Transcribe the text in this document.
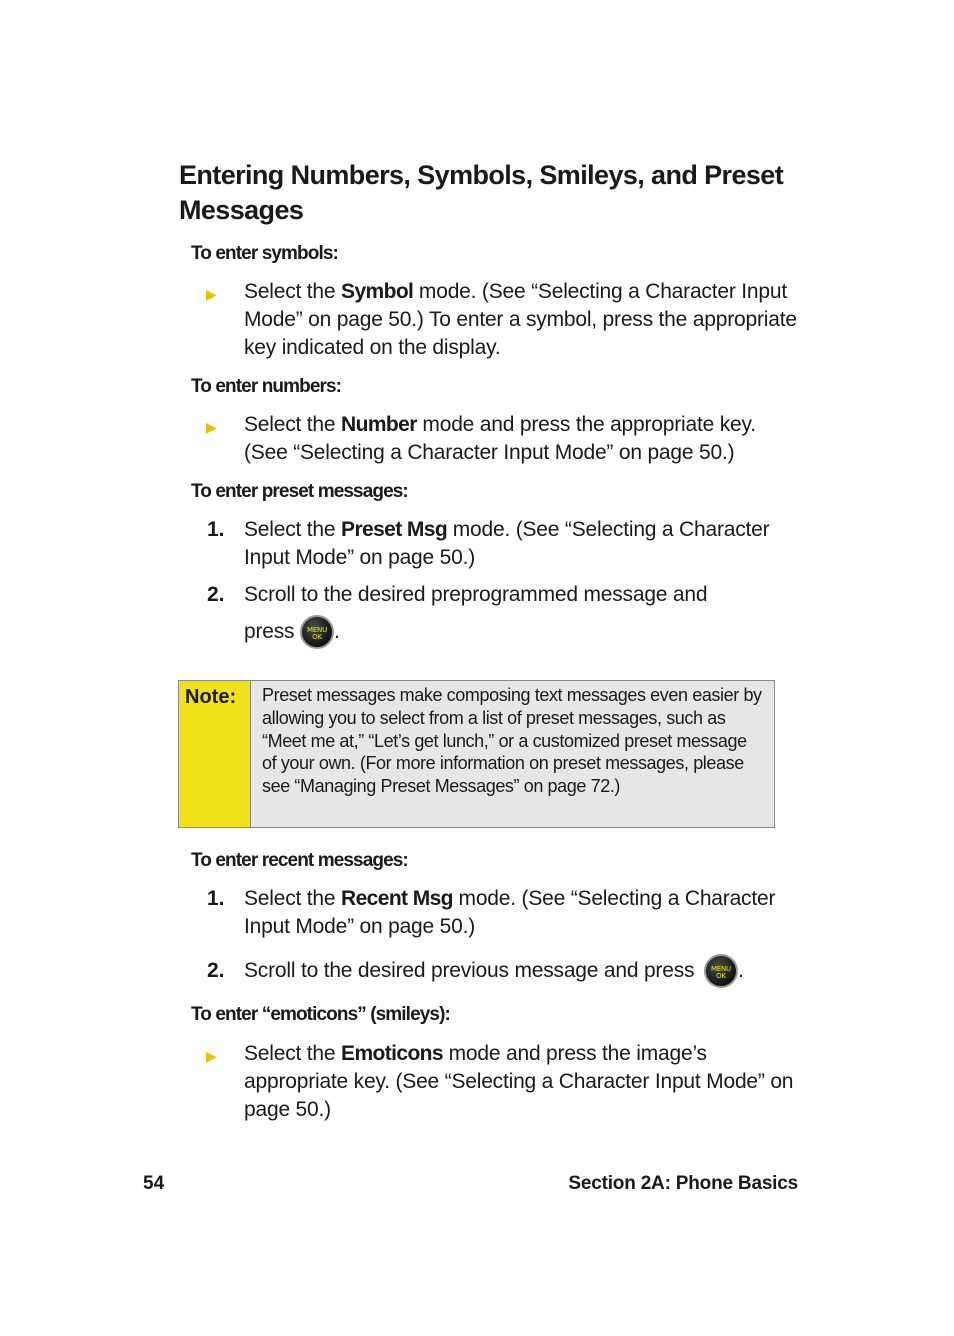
Entering Numbers, Symbols, Smileys, and Preset Messages
To enter symbols:
▶ Select the Symbol mode. (See “Selecting a Character Input Mode” on page 50.) To enter a symbol, press the appropriate key indicated on the display.
To enter numbers:
▶ Select the Number mode and press the appropriate key. (See “Selecting a Character Input Mode” on page 50.)
To enter preset messages:
1. Select the Preset Msg mode. (See “Selecting a Character Input Mode” on page 50.)
2. Scroll to the desired preprogrammed message and
press	MENU
OK .
Note:	Preset messages make composing text messages even easier by allowing you to select from a list of preset messages, such as “Meet me at,” “Let’s get lunch,” or a customized preset message of your own. (For more information on preset messages, please see “Managing Preset Messages” on page 72.)
To enter recent messages:
1. Select the Recent Msg mode. (See “Selecting a Character Input Mode” on page 50.)
2. Scroll to the desired previous message and press	MENU
OK .
To enter “emoticons” (smileys):
▶ Select the Emoticons mode and press the image’s appropriate key. (See “Selecting a Character Input Mode” on page 50.)
54	Section 2A: Phone Basics
